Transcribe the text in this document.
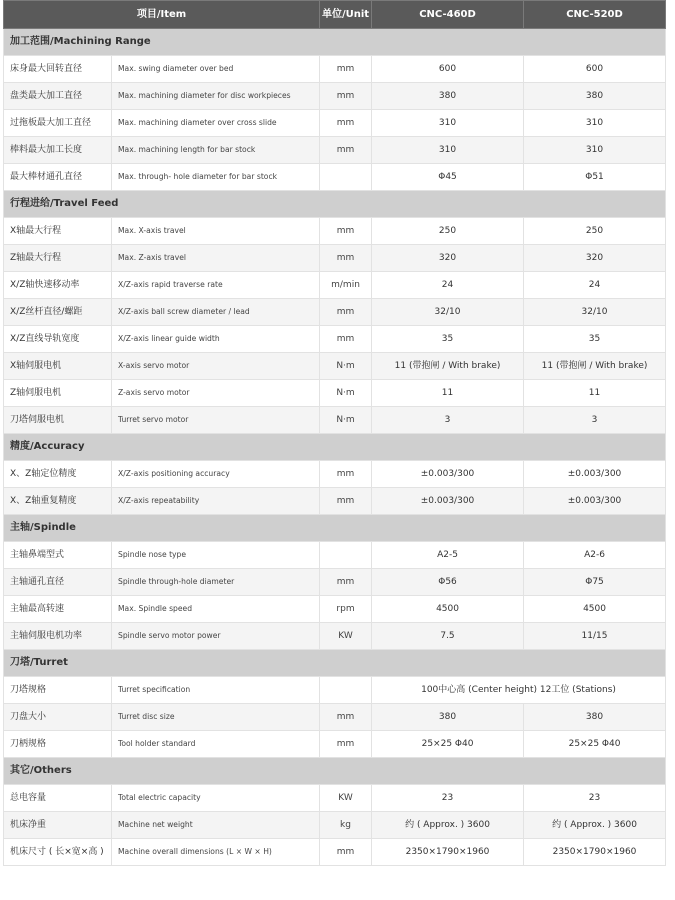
项目/Item		单位/Unit	CNC-460D	CNC-520D
加工范围/Machining Range				
床身最大回转直径	Max. swing diameter over bed	mm	600	600
盘类最大加工直径	Max. machining diameter for disc workpieces	mm	380	380
过拖板最大加工直径	Max. machining diameter over cross slide	mm	310	310
棒料最大加工长度	Max. machining length for bar stock	mm	310	310
最大棒材通孔直径	Max. through- hole diameter for bar stock		Φ45	Φ51
行程进给/Travel Feed				
X轴最大行程	Max. X-axis travel	mm	250	250
Z轴最大行程	Max. Z-axis travel	mm	320	320
X/Z轴快速移动率	X/Z-axis rapid traverse rate	m/min	24	24
X/Z丝杆直径/螺距	X/Z-axis ball screw diameter / lead	mm	32/10	32/10
X/Z直线导轨宽度	X/Z-axis linear guide width	mm	35	35
X轴伺服电机	X-axis servo motor	N·m	11 (带抱闸 / With brake)	11 (带抱闸 / With brake)
Z轴伺服电机	Z-axis servo motor	N·m	11	11
刀塔伺服电机	Turret servo motor	N·m	3	3
精度/Accuracy				
X、Z轴定位精度	X/Z-axis positioning accuracy	mm	±0.003/300	±0.003/300
X、Z轴重复精度	X/Z-axis repeatability	mm	±0.003/300	±0.003/300
主轴/Spindle				
主轴鼻端型式	Spindle nose type		A2-5	A2-6
主轴通孔直径	Spindle through-hole diameter	mm	Φ56	Φ75
主轴最高转速	Max. Spindle speed	rpm	4500	4500
主轴伺服电机功率	Spindle servo motor power	KW	7.5	11/15
刀塔/Turret				
刀塔规格	Turret specification		100中心高 (Center height) 12工位 (Stations)	
刀盘大小	Turret disc size	mm	380	380
刀柄规格	Tool holder standard	mm	25×25 Φ40	25×25 Φ40
其它/Others				
总电容量	Total electric capacity	KW	23	23
机床净重	Machine net weight	kg	约 ( Approx. ) 3600	约 ( Approx. ) 3600
机床尺寸 ( 长×宽×高 )	Machine overall dimensions (L × W × H)	mm	2350×1790×1960	2350×1790×1960
